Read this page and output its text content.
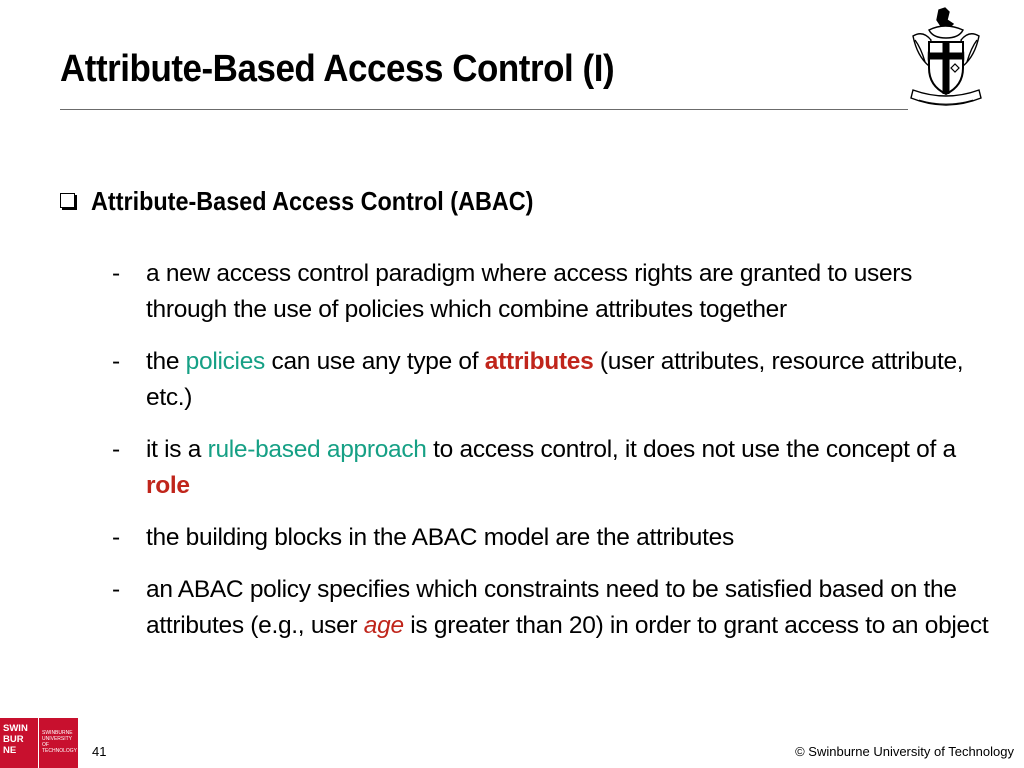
Attribute-Based Access Control (I)
Attribute-Based Access Control (ABAC)
- a new access control paradigm where access rights are granted to users through the use of policies which combine attributes together
- the policies can use any type of attributes (user attributes, resource attribute, etc.)
- it is a rule-based approach to access control, it does not use the concept of a role
- the building blocks in the ABAC model are the attributes
- an ABAC policy specifies which constraints need to be satisfied based on the attributes (e.g., user age is greater than 20) in order to grant access to an object
SWIN
BUR
NE
SWINBURNE
UNIVERSITY OF
TECHNOLOGY 41	© Swinburne University of Technology
